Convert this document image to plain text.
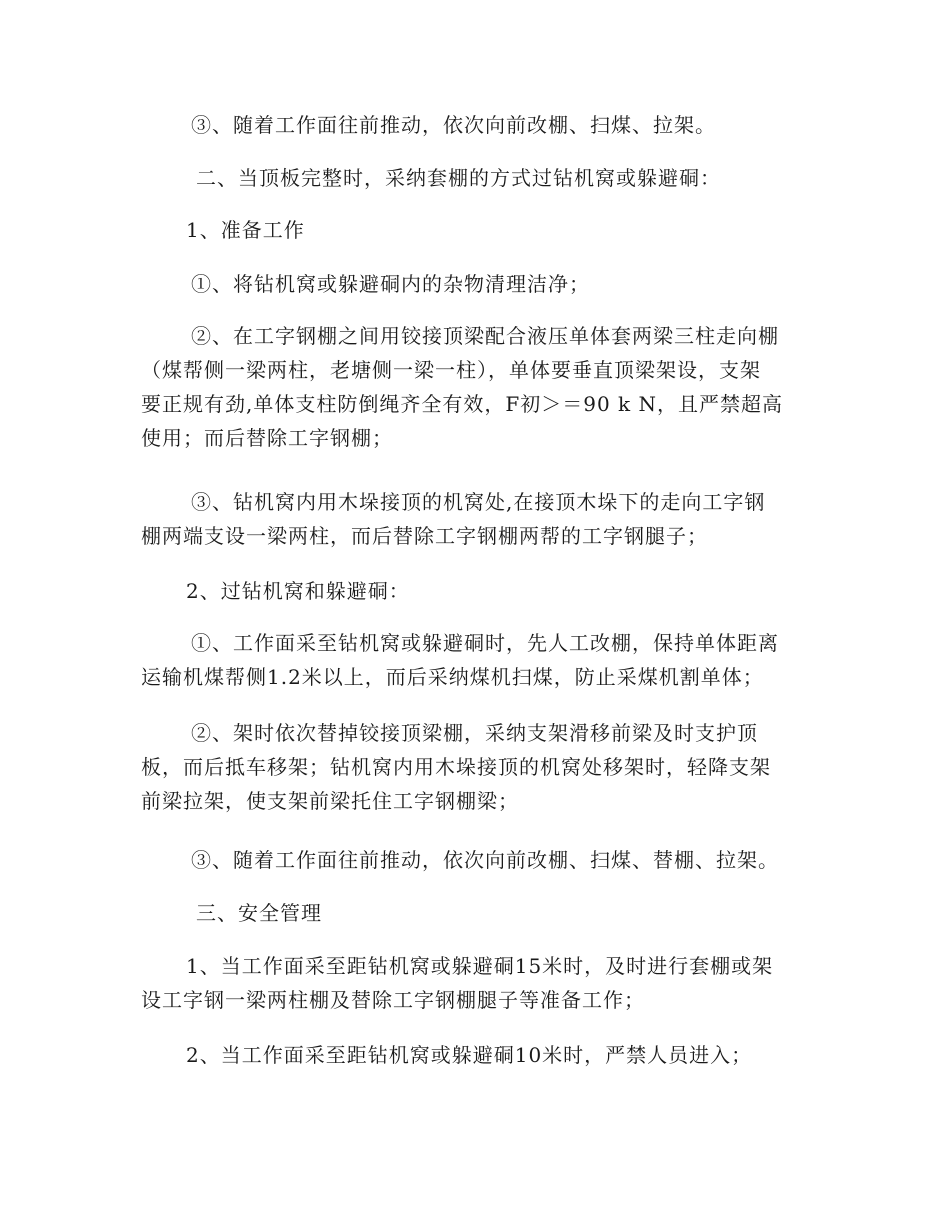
③、随着工作面往前推动，依次向前改棚、扫煤、拉架。
二、当顶板完整时，采纳套棚的方式过钻机窝或躲避硐：
1、准备工作
①、将钻机窝或躲避硐内的杂物清理洁净；
②、在工字钢棚之间用铰接顶梁配合液压单体套两梁三柱走向棚
（煤帮侧一梁两柱，老塘侧一梁一柱），单体要垂直顶梁架设，支架
要正规有劲,单体支柱防倒绳齐全有效，F初＞＝90 k N，且严禁超高
使用；而后替除工字钢棚；
③、钻机窝内用木垛接顶的机窝处,在接顶木垛下的走向工字钢
棚两端支设一梁两柱，而后替除工字钢棚两帮的工字钢腿子；
2、过钻机窝和躲避硐：
①、工作面采至钻机窝或躲避硐时，先人工改棚，保持单体距离
运输机煤帮侧1.2米以上，而后采纳煤机扫煤，防止采煤机割单体；
②、架时依次替掉铰接顶梁棚，采纳支架滑移前梁及时支护顶
板，而后抵车移架；钻机窝内用木垛接顶的机窝处移架时，轻降支架
前梁拉架，使支架前梁托住工字钢棚梁；
③、随着工作面往前推动，依次向前改棚、扫煤、替棚、拉架。
三、安全管理
1、当工作面采至距钻机窝或躲避硐15米时，及时进行套棚或架
设工字钢一梁两柱棚及替除工字钢棚腿子等准备工作；
2、当工作面采至距钻机窝或躲避硐10米时，严禁人员进入；
